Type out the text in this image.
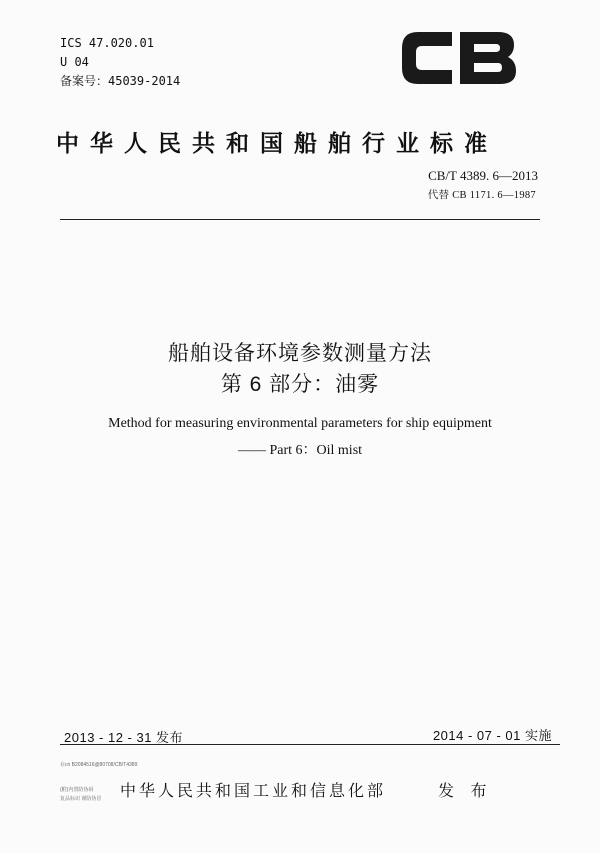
ICS 47.020.01
U 04
备案号：45039-2014
中华人民共和国船舶行业标准
CB/T 4389. 6—2013
代替 CB 1171. 6—1987
船舶设备环境参数测量方法
第 6 部分：油雾
Method for measuring environmental parameters for ship equipment
—— Part 6：Oil mist
2013 - 12 - 31 发布	2014 - 07 - 01 实施
在cn B2084516@80708/CB/T4389
(附)内置防伪码
复品标识 谨防伪冒 中华人民共和国工业和信息化部	发 布
